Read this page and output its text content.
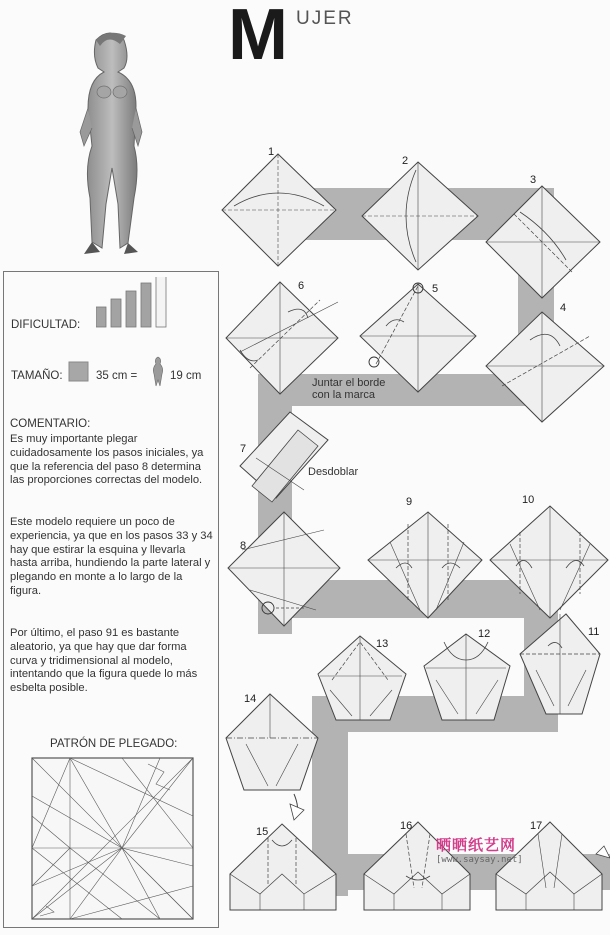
M UJER
DIFICULTAD:
TAMAÑO:	35 cm =	19 cm
COMENTARIO:

Es muy importante plegar cuidadosamente los pasos iniciales, ya que la referencia del paso 8 determina las proporciones correctas del modelo.

Este modelo requiere un poco de experiencia, ya que en los pasos 33 y 34 hay que estirar la esquina y llevarla hasta arriba, hundiendo la parte lateral y plegando en monte a lo largo de la figura.

Por último, el paso 91 es bastante aleatorio, ya que hay que dar forma curva y tridimensional al modelo, intentando que la figura quede lo más esbelta posible.

PATRÓN DE PLEGADO:
1
2
3
4
5
6
7
8
9	10
11
12
13
14
15	16	17
Juntar el borde
con la marca
Desdoblar
晒晒纸艺网
[www.saysay.net]
